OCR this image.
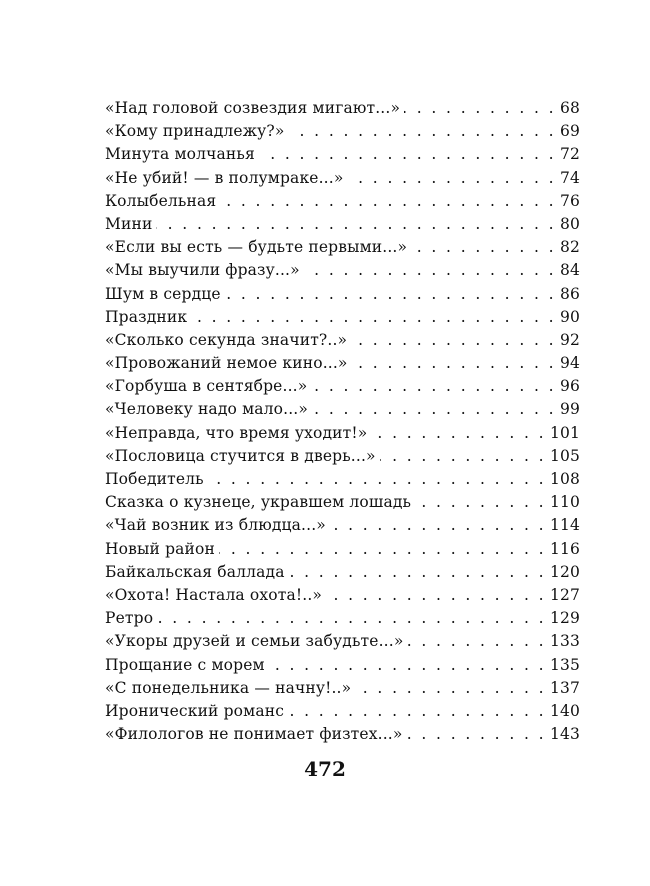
«Над головой созвездия мигают...» . . .	68
«Кому принадлежу?» . . .	69
Минута молчанья . . .	72
«Не убий! — в полумраке...» . . .	74
Колыбельная . . .	76
Мини . . .	80
«Если вы есть — будьте первыми...» . . .	82
«Мы выучили фразу...» . . .	84
Шум в сердце . . .	86
Праздник . . .	90
«Сколько секунда значит?..» . . .	92
«Провожаний немое кино...» . . .	94
«Горбуша в сентябре...» . . .	96
«Человеку надо мало...» . . .	99
«Неправда, что время уходит!» . . .	101
«Пословица стучится в дверь...» . . .	105
Победитель . . .	108
Сказка о кузнеце, укравшем лошадь . . .	110
«Чай возник из блюдца...» . . .	114
Новый район . . .	116
Байкальская баллада . . .	120
«Охота! Настала охота!..» . . .	127
Ретро . . .	129
«Укоры друзей и семьи забудьте...» . . .	133
Прощание с морем . . .	135
«С понедельника — начну!..» . . .	137
Иронический романс . . .	140
«Филологов не понимает физтех...» . . .	143
472
